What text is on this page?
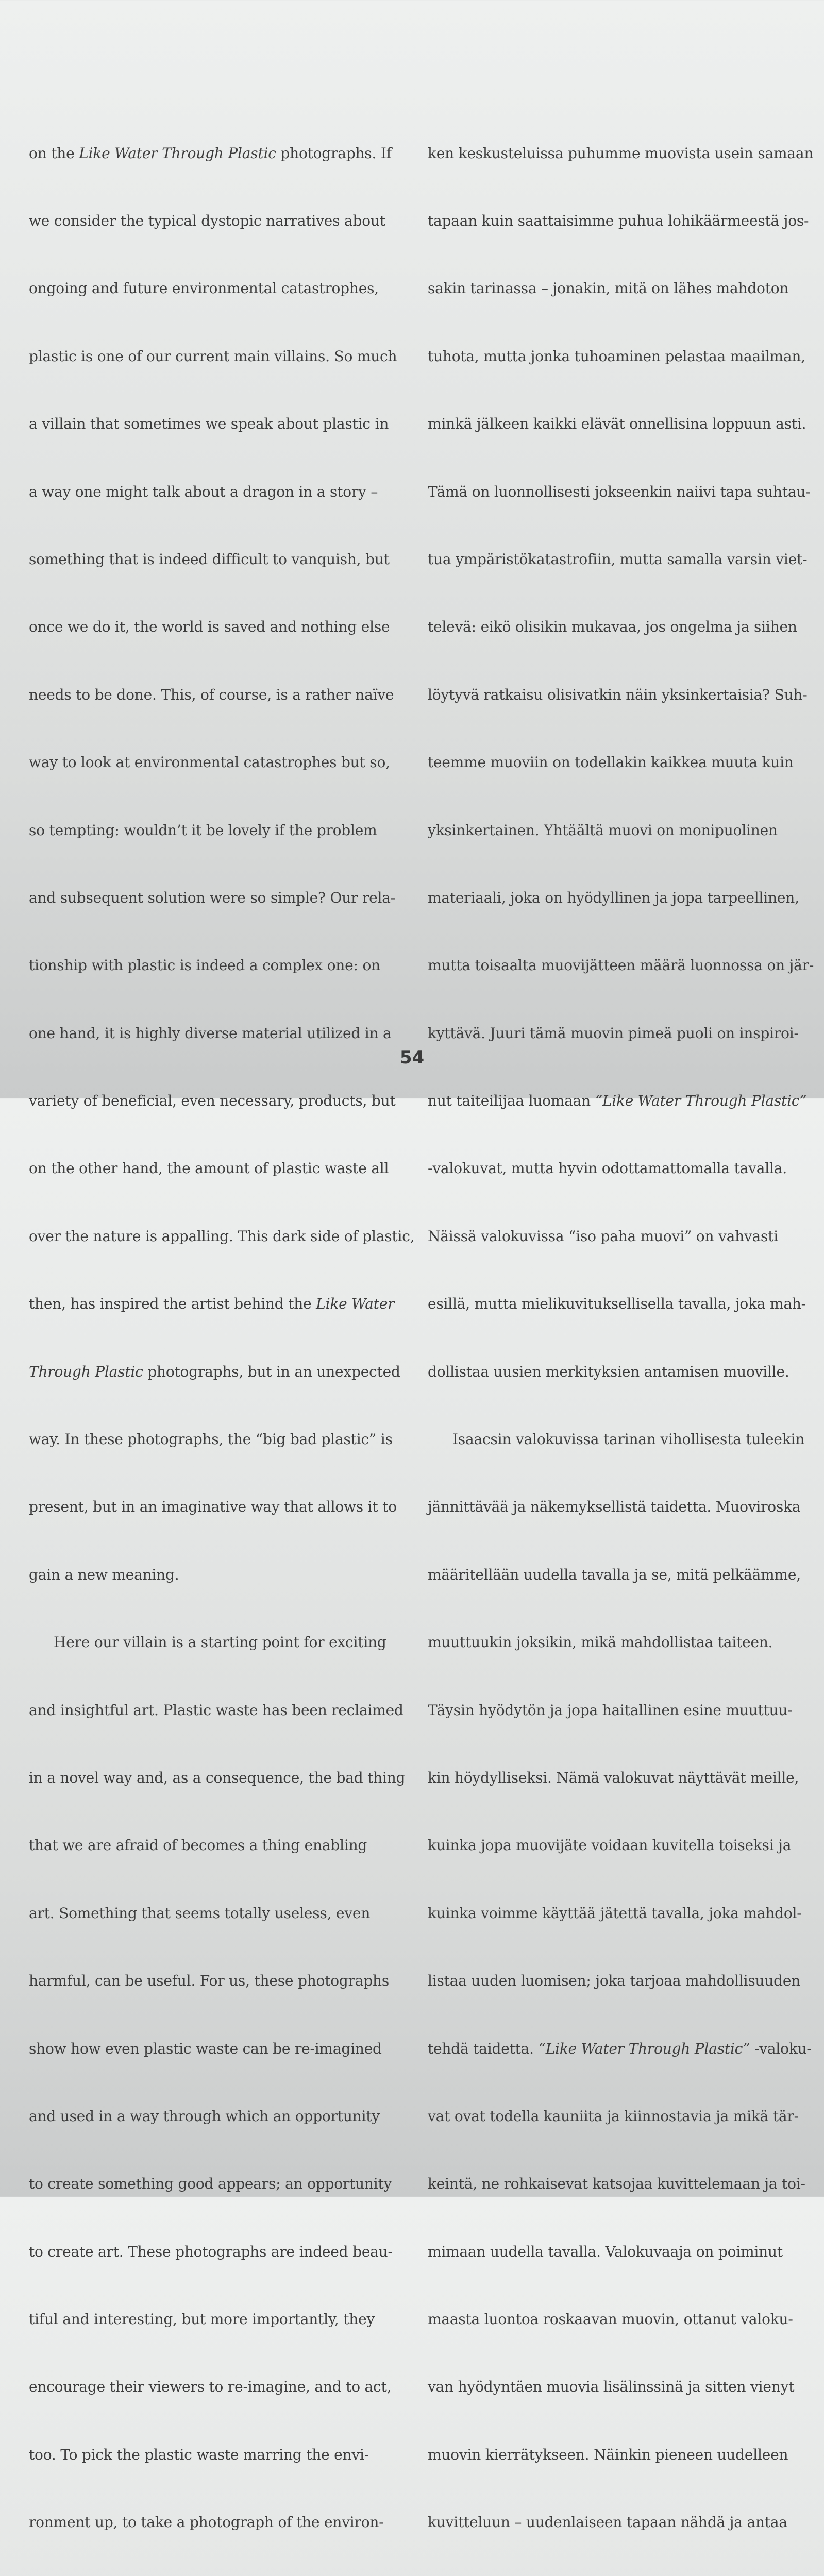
on the Like Water Through Plastic photographs. If

we consider the typical dystopic narratives about

ongoing and future environmental catastrophes,

plastic is one of our current main villains. So much

a villain that sometimes we speak about plastic in

a way one might talk about a dragon in a story –

something that is indeed difficult to vanquish, but

once we do it, the world is saved and nothing else

needs to be done. This, of course, is a rather naïve

way to look at environmental catastrophes but so,

so tempting: wouldn’t it be lovely if the problem

and subsequent solution were so simple? Our rela-

tionship with plastic is indeed a complex one: on

one hand, it is highly diverse material utilized in a

variety of beneficial, even necessary, products, but

on the other hand, the amount of plastic waste all

over the nature is appalling. This dark side of plastic,

then, has inspired the artist behind the Like Water

Through Plastic photographs, but in an unexpected

way. In these photographs, the “big bad plastic” is

present, but in an imaginative way that allows it to

gain a new meaning.

Here our villain is a starting point for exciting

and insightful art. Plastic waste has been reclaimed

in a novel way and, as a consequence, the bad thing

that we are afraid of becomes a thing enabling

art. Something that seems totally useless, even

harmful, can be useful. For us, these photographs

show how even plastic waste can be re-imagined

and used in a way through which an opportunity

to create something good appears; an opportunity

to create art. These photographs are indeed beau-

tiful and interesting, but more importantly, they

encourage their viewers to re-imagine, and to act,

too. To pick the plastic waste marring the envi-

ronment up, to take a photograph of the environ-

ken keskusteluissa puhumme muovista usein samaan

tapaan kuin saattaisimme puhua lohikäärmeestä jos-

sakin tarinassa – jonakin, mitä on lähes mahdoton

tuhota, mutta jonka tuhoaminen pelastaa maailman,

minkä jälkeen kaikki elävät onnellisina loppuun asti.

Tämä on luonnollisesti jokseenkin naiivi tapa suhtau-

tua ympäristökatastrofiin, mutta samalla varsin viet-

televä: eikö olisikin mukavaa, jos ongelma ja siihen

löytyvä ratkaisu olisivatkin näin yksinkertaisia? Suh-

teemme muoviin on todellakin kaikkea muuta kuin

yksinkertainen. Yhtäältä muovi on monipuolinen

materiaali, joka on hyödyllinen ja jopa tarpeellinen,

mutta toisaalta muovijätteen määrä luonnossa on jär-

kyttävä. Juuri tämä muovin pimeä puoli on inspiroi-

nut taiteilijaa luomaan “Like Water Through Plastic”

-valokuvat, mutta hyvin odottamattomalla tavalla.

Näissä valokuvissa “iso paha muovi” on vahvasti

esillä, mutta mielikuvituksellisella tavalla, joka mah-

dollistaa uusien merkityksien antamisen muoville.

Isaacsin valokuvissa tarinan vihollisesta tuleekin

jännittävää ja näkemyksellistä taidetta. Muoviroska

määritellään uudella tavalla ja se, mitä pelkäämme,

muuttuukin joksikin, mikä mahdollistaa taiteen.

Täysin hyödytön ja jopa haitallinen esine muuttuu-

kin höydylliseksi. Nämä valokuvat näyttävät meille,

kuinka jopa muovijäte voidaan kuvitella toiseksi ja

kuinka voimme käyttää jätettä tavalla, joka mahdol-

listaa uuden luomisen; joka tarjoaa mahdollisuuden

tehdä taidetta. “Like Water Through Plastic” -valoku-

vat ovat todella kauniita ja kiinnostavia ja mikä tär-

keintä, ne rohkaisevat katsojaa kuvittelemaan ja toi-

mimaan uudella tavalla. Valokuvaaja on poiminut

maasta luontoa roskaavan muovin, ottanut valoku-

van hyödyntäen muovia lisälinssinä ja sitten vienyt

muovin kierrätykseen. Näinkin pieneen uudelleen

kuvitteluun – uudenlaiseen tapaan nähdä ja antaa

54
